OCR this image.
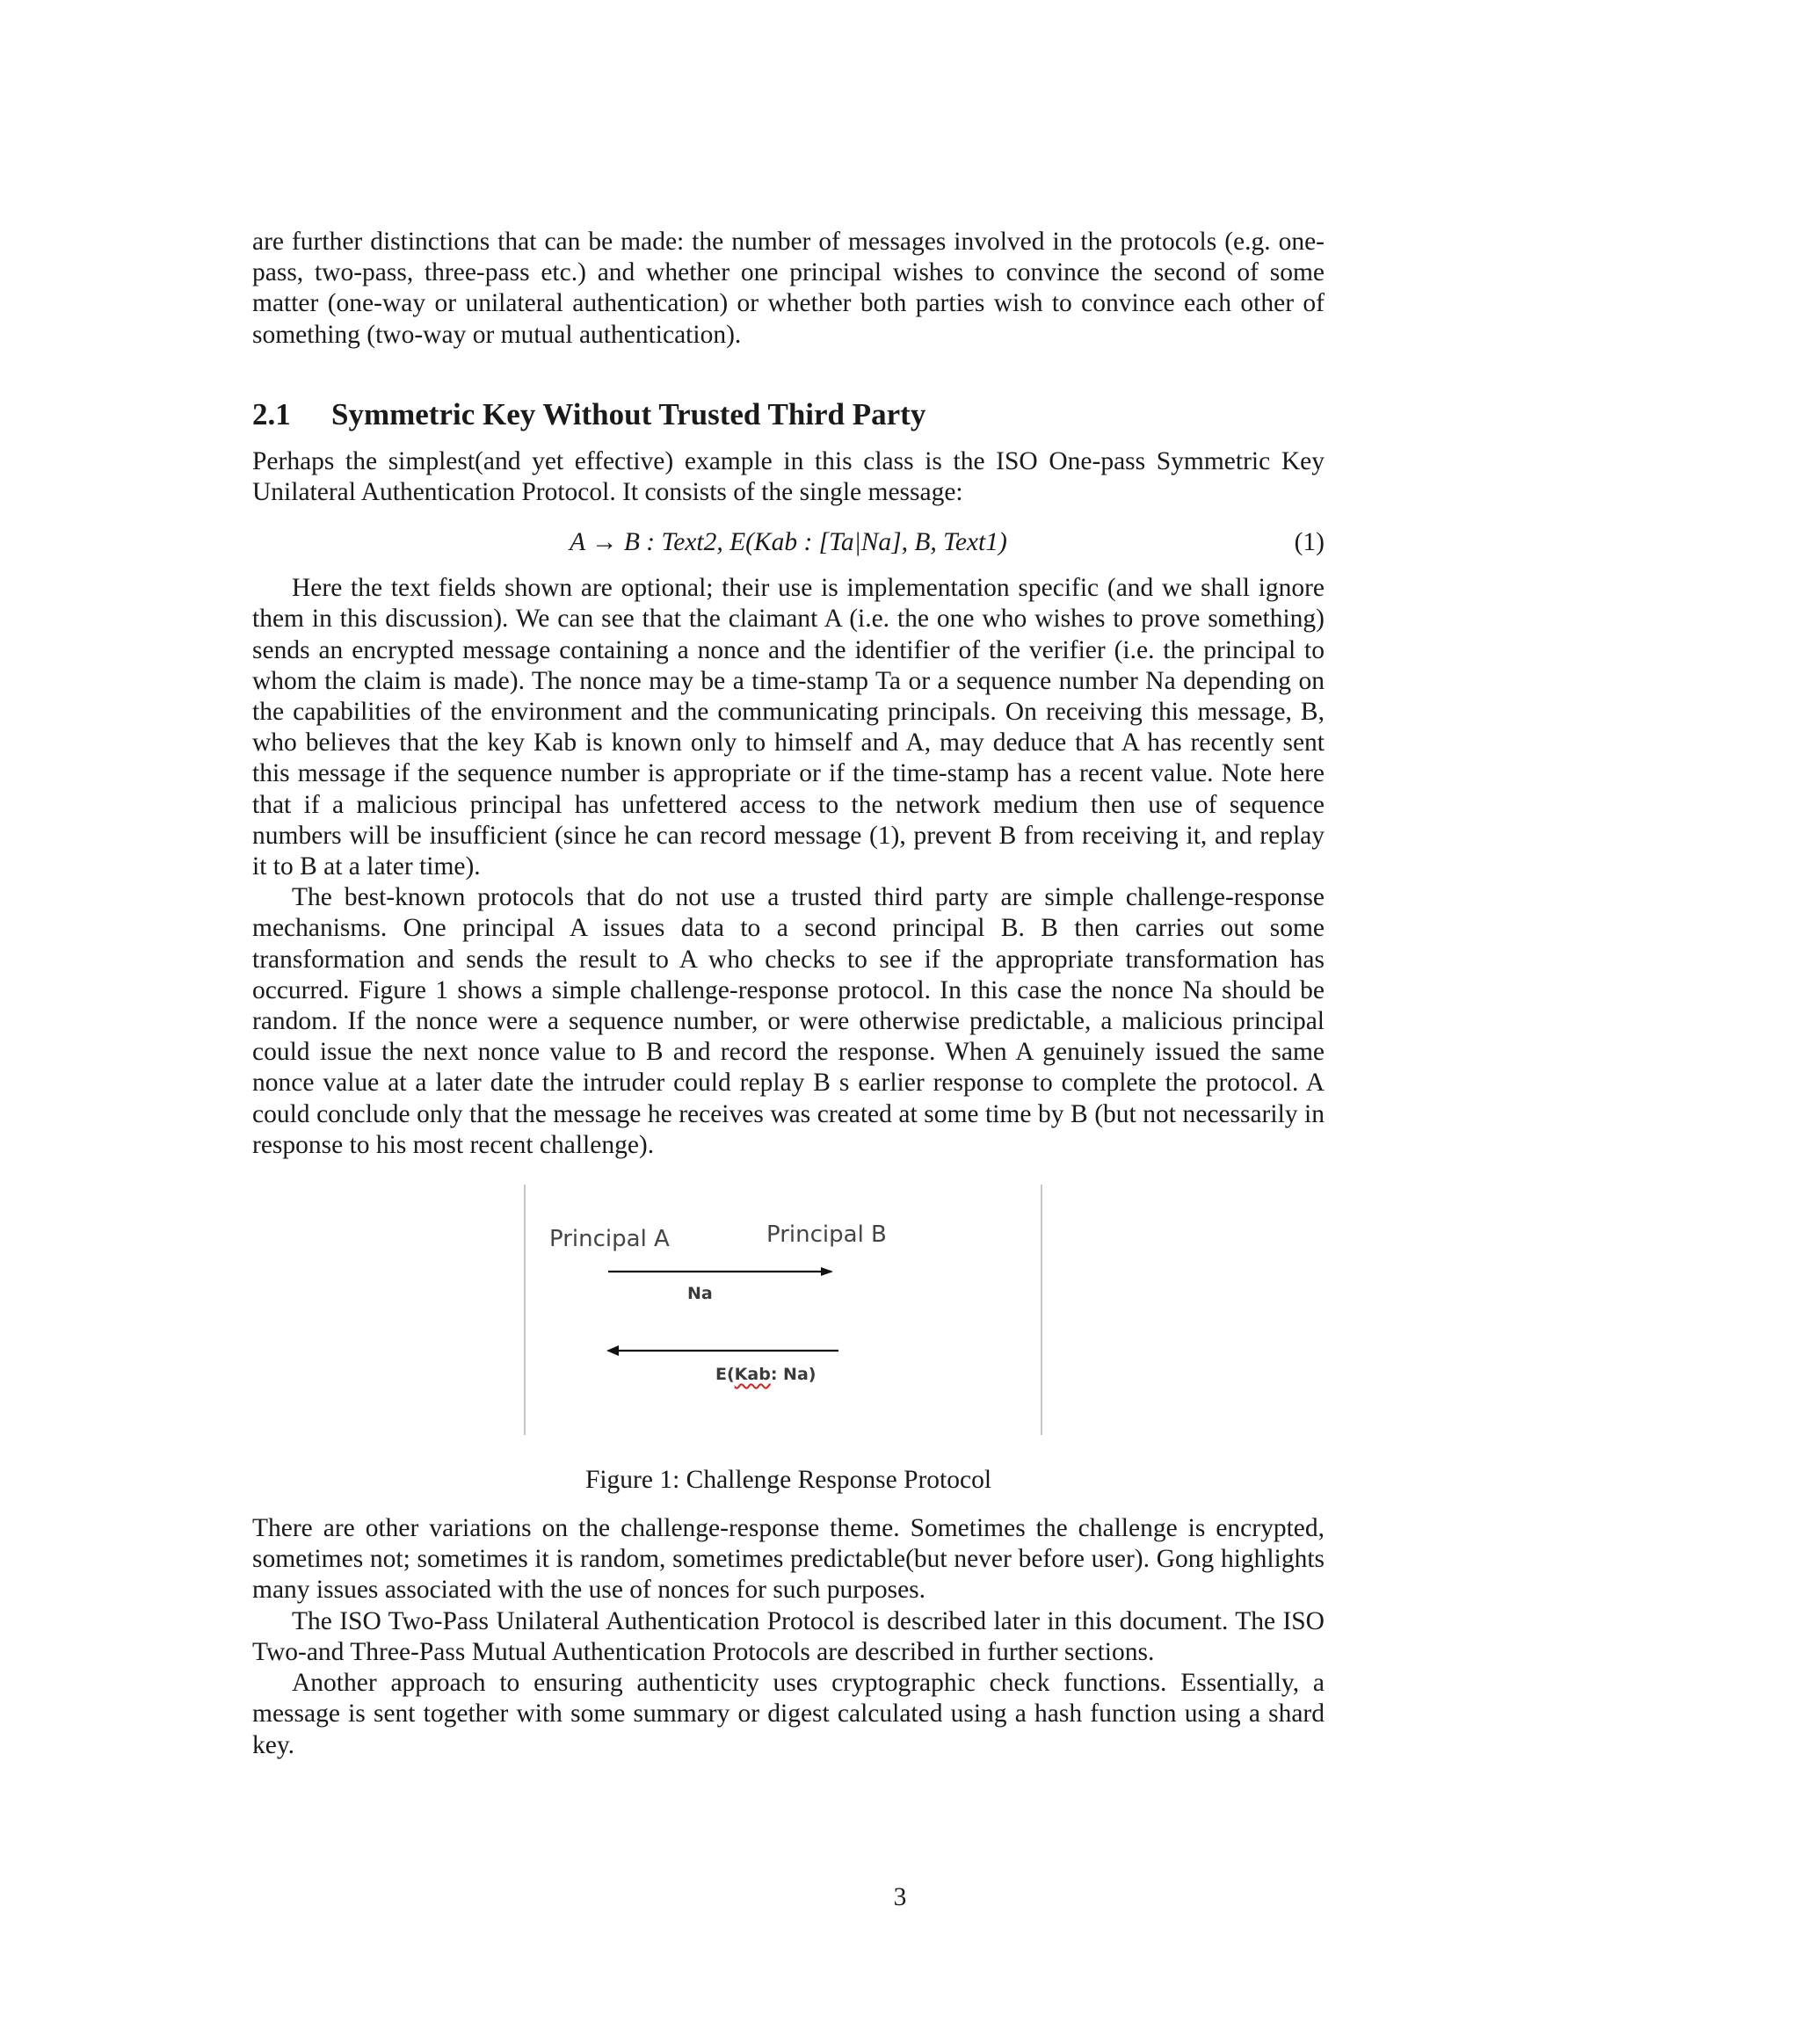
are further distinctions that can be made: the number of messages involved in the protocols (e.g. one-pass, two-pass, three-pass etc.) and whether one principal wishes to convince the second of some matter (one-way or unilateral authentication) or whether both parties wish to convince each other of something (two-way or mutual authentication).

2.1 Symmetric Key Without Trusted Third Party

Perhaps the simplest(and yet effective) example in this class is the ISO One-pass Symmetric Key Unilateral Authentication Protocol. It consists of the single message:

A → B : Text2, E(Kab : [Ta|Na], B, Text1)	(1)

Here the text fields shown are optional; their use is implementation specific (and we shall ignore them in this discussion). We can see that the claimant A (i.e. the one who wishes to prove something) sends an encrypted message containing a nonce and the identifier of the verifier (i.e. the principal to whom the claim is made). The nonce may be a time-stamp Ta or a sequence number Na depending on the capabilities of the environment and the communicating principals. On receiving this message, B, who believes that the key Kab is known only to himself and A, may deduce that A has recently sent this message if the sequence number is appropriate or if the time-stamp has a recent value. Note here that if a malicious principal has unfettered access to the network medium then use of sequence numbers will be insufficient (since he can record message (1), prevent B from receiving it, and replay it to B at a later time).

The best-known protocols that do not use a trusted third party are simple challenge-response mechanisms. One principal A issues data to a second principal B. B then carries out some transformation and sends the result to A who checks to see if the appropriate transformation has occurred. Figure 1 shows a simple challenge-response protocol. In this case the nonce Na should be random. If the nonce were a sequence number, or were otherwise predictable, a malicious principal could issue the next nonce value to B and record the response. When A genuinely issued the same nonce value at a later date the intruder could replay B s earlier response to complete the protocol. A could conclude only that the message he receives was created at some time by B (but not necessarily in response to his most recent challenge).

Principal A	Principal B
Na
E(Kab: Na)
Figure 1: Challenge Response Protocol

There are other variations on the challenge-response theme. Sometimes the challenge is encrypted, sometimes not; sometimes it is random, sometimes predictable(but never before user). Gong highlights many issues associated with the use of nonces for such purposes.

The ISO Two-Pass Unilateral Authentication Protocol is described later in this document. The ISO Two-and Three-Pass Mutual Authentication Protocols are described in further sections.

Another approach to ensuring authenticity uses cryptographic check functions. Essentially, a message is sent together with some summary or digest calculated using a hash function using a shard key.

3
